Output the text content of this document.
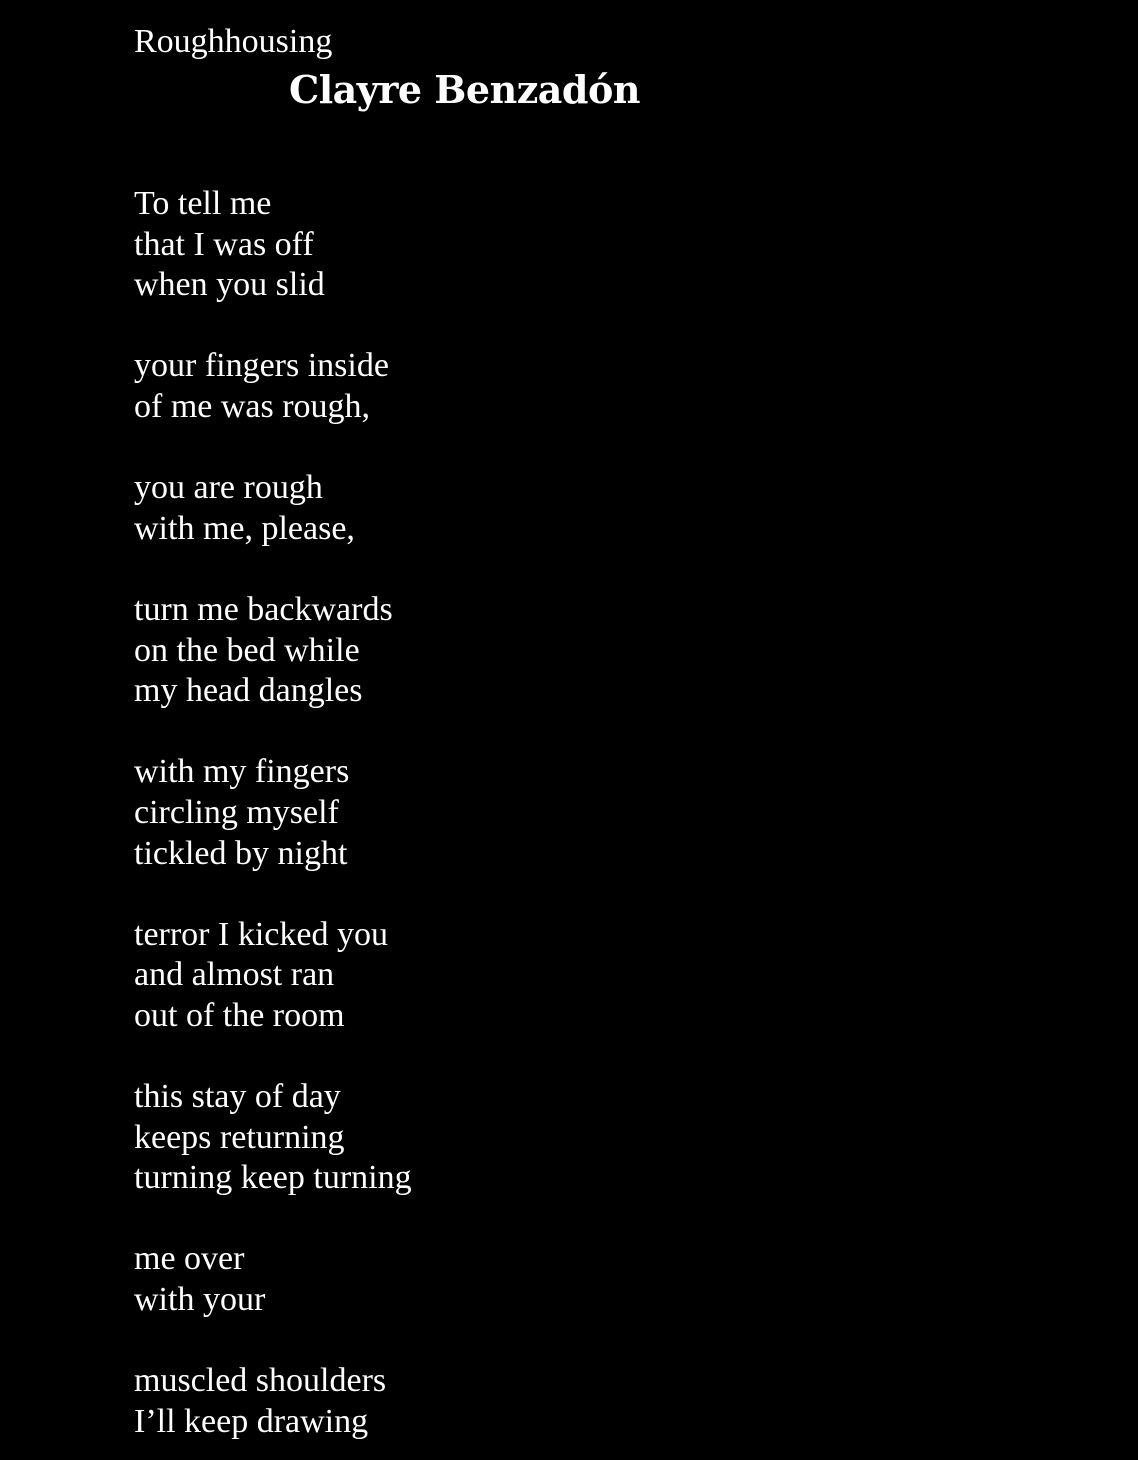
Roughhousing
Clayre Benzadón
To tell me
that I was off
when you slid
your fingers inside
of me was rough,
you are rough
with me, please,
turn me backwards
on the bed while
my head dangles
with my fingers
circling myself
tickled by night
terror I kicked you
and almost ran
out of the room
this stay of day
keeps returning
turning keep turning
me over
with your
muscled shoulders
I’ll keep drawing
